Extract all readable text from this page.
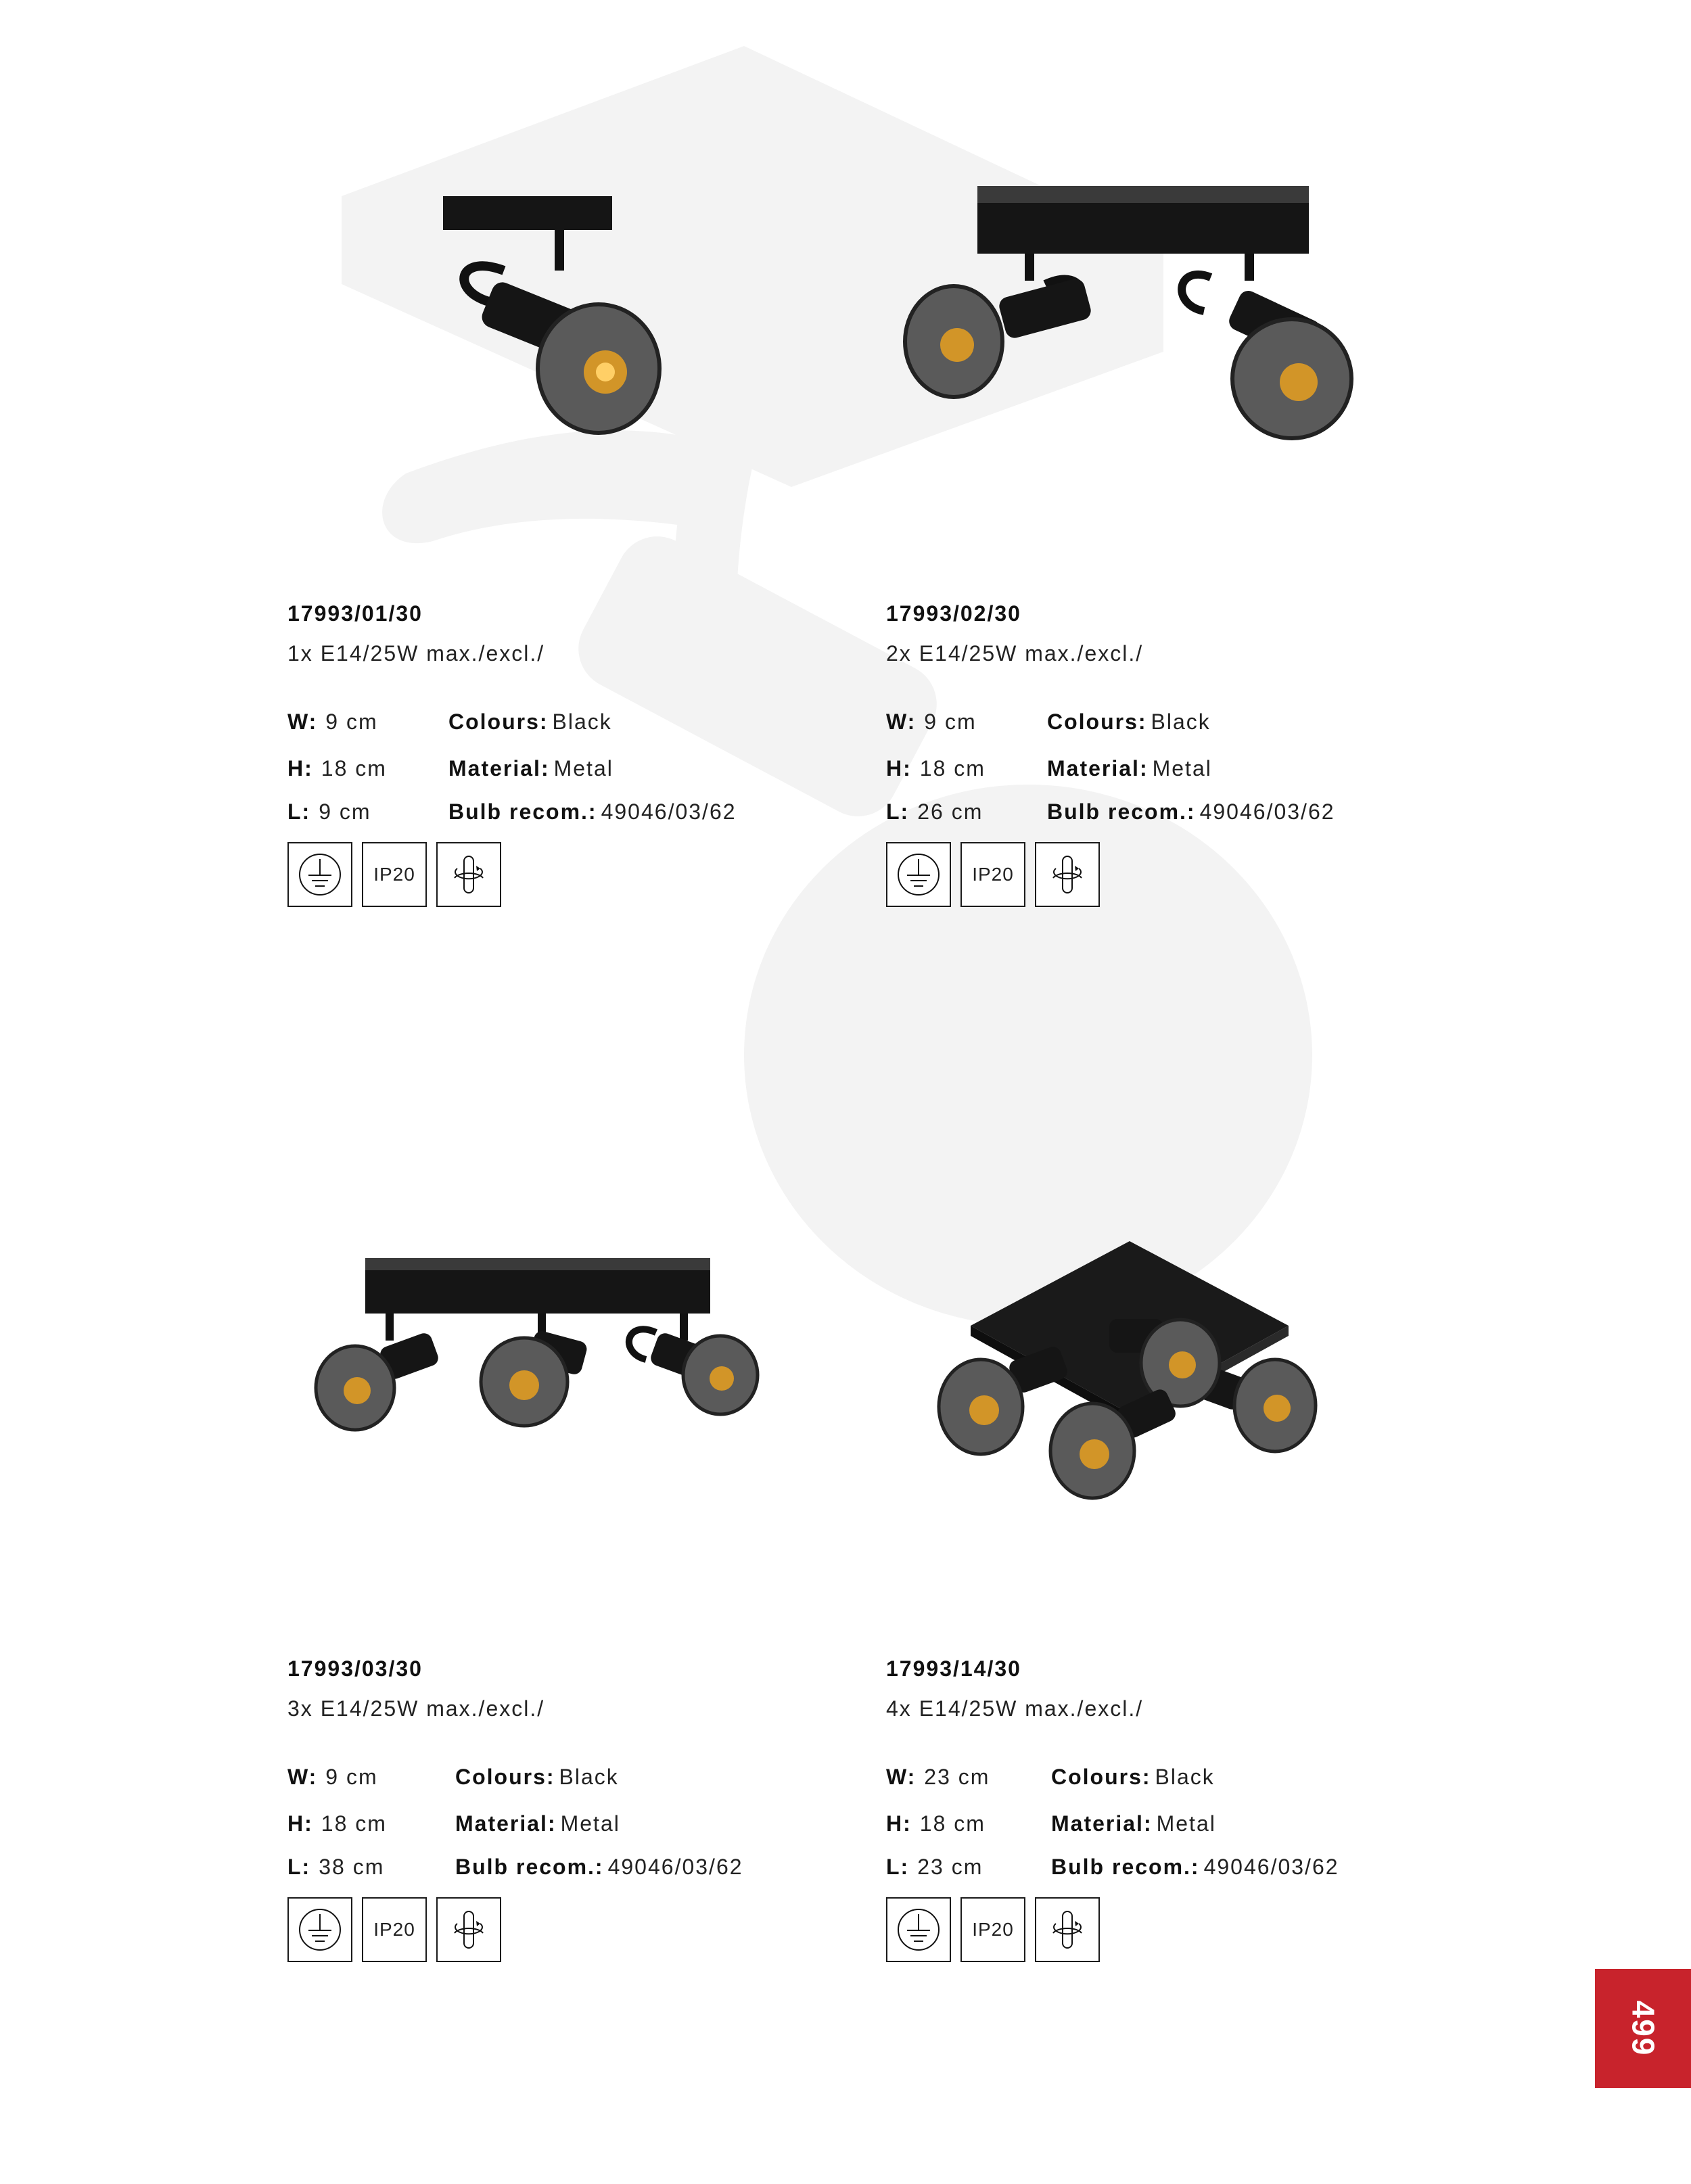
17993/01/30
1x E14/25W max./excl./
W: 9 cm
H: 18 cm
L: 9 cm
Colours: Black
Material: Metal
Bulb recom.: 49046/03/62
IP20
17993/02/30
2x E14/25W max./excl./
W: 9 cm
H: 18 cm
L: 26 cm
Colours: Black
Material: Metal
Bulb recom.: 49046/03/62
IP20
17993/03/30
3x E14/25W max./excl./
W: 9 cm
H: 18 cm
L: 38 cm
Colours: Black
Material: Metal
Bulb recom.: 49046/03/62
IP20
17993/14/30
4x E14/25W max./excl./
W: 23 cm
H: 18 cm
L: 23 cm
Colours: Black
Material: Metal
Bulb recom.: 49046/03/62
IP20
499
